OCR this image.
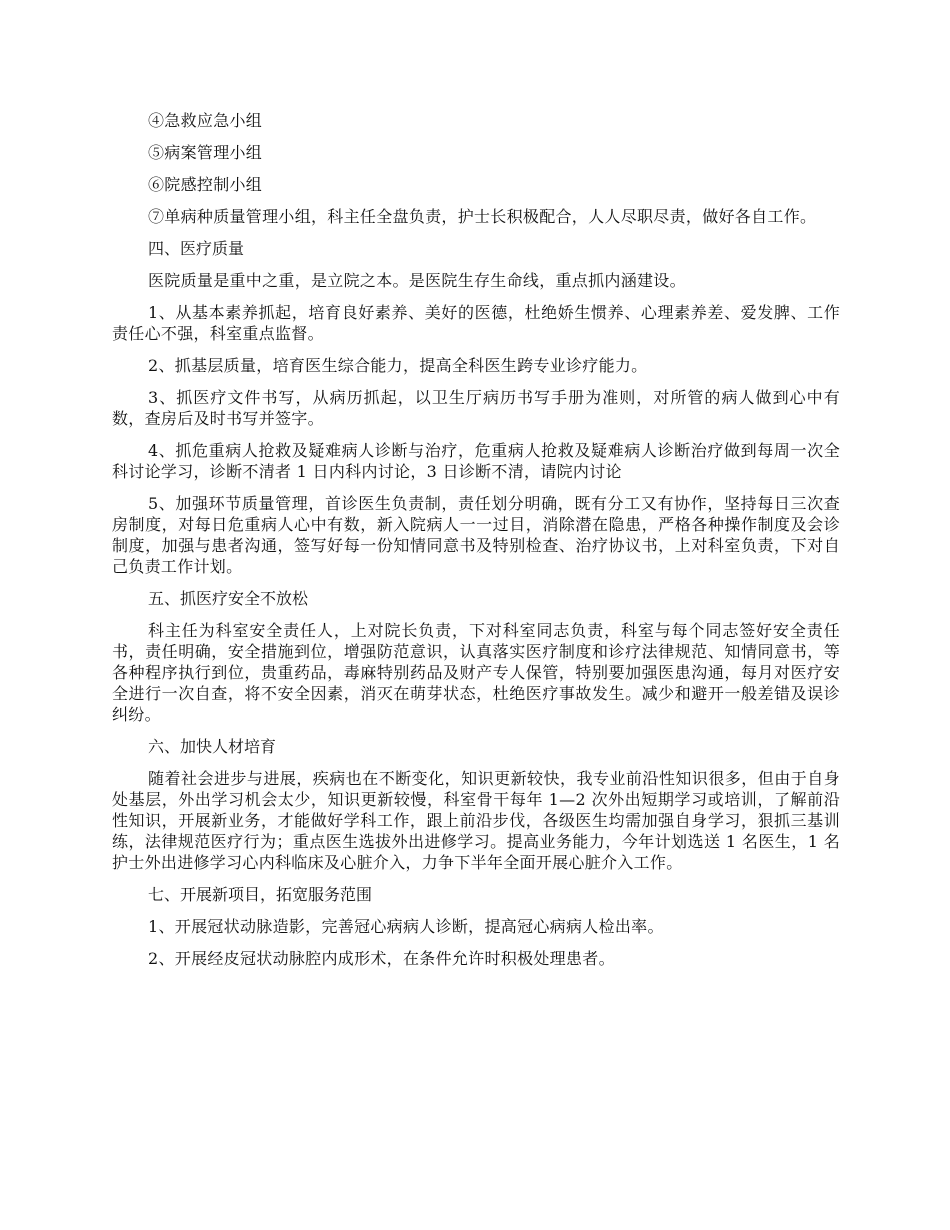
④急救应急小组

⑤病案管理小组

⑥院感控制小组

⑦单病种质量管理小组，科主任全盘负责，护士长积极配合，人人尽职尽责，做好各自工作。

四、医疗质量

医院质量是重中之重，是立院之本。是医院生存生命线，重点抓内涵建设。

1、从基本素养抓起，培育良好素养、美好的医德，杜绝娇生惯养、心理素养差、爱发脾、工作责任心不强，科室重点监督。

2、抓基层质量，培育医生综合能力，提高全科医生跨专业诊疗能力。

3、抓医疗文件书写，从病历抓起，以卫生厅病历书写手册为准则，对所管的病人做到心中有数，查房后及时书写并签字。

4、抓危重病人抢救及疑难病人诊断与治疗，危重病人抢救及疑难病人诊断治疗做到每周一次全科讨论学习，诊断不清者 1 日内科内讨论，3 日诊断不清，请院内讨论

5、加强环节质量管理，首诊医生负责制，责任划分明确，既有分工又有协作，坚持每日三次查房制度，对每日危重病人心中有数，新入院病人一一过目，消除潜在隐患，严格各种操作制度及会诊制度，加强与患者沟通，签写好每一份知情同意书及特别检查、治疗协议书，上对科室负责，下对自己负责工作计划。

五、抓医疗安全不放松

科主任为科室安全责任人，上对院长负责，下对科室同志负责，科室与每个同志签好安全责任书，责任明确，安全措施到位，增强防范意识，认真落实医疗制度和诊疗法律规范、知情同意书，等各种程序执行到位，贵重药品，毒麻特别药品及财产专人保管，特别要加强医患沟通，每月对医疗安全进行一次自查，将不安全因素，消灭在萌芽状态，杜绝医疗事故发生。减少和避开一般差错及误诊纠纷。

六、加快人材培育

随着社会进步与进展，疾病也在不断变化，知识更新较快，我专业前沿性知识很多，但由于自身处基层，外出学习机会太少，知识更新较慢，科室骨干每年 1—2 次外出短期学习或培训，了解前沿性知识，开展新业务，才能做好学科工作，跟上前沿步伐，各级医生均需加强自身学习，狠抓三基训练，法律规范医疗行为；重点医生选拔外出进修学习。提高业务能力，今年计划选送 1 名医生，1 名护士外出进修学习心内科临床及心脏介入，力争下半年全面开展心脏介入工作。

七、开展新项目，拓宽服务范围

1、开展冠状动脉造影，完善冠心病病人诊断，提高冠心病病人检出率。

2、开展经皮冠状动脉腔内成形术，在条件允许时积极处理患者。
